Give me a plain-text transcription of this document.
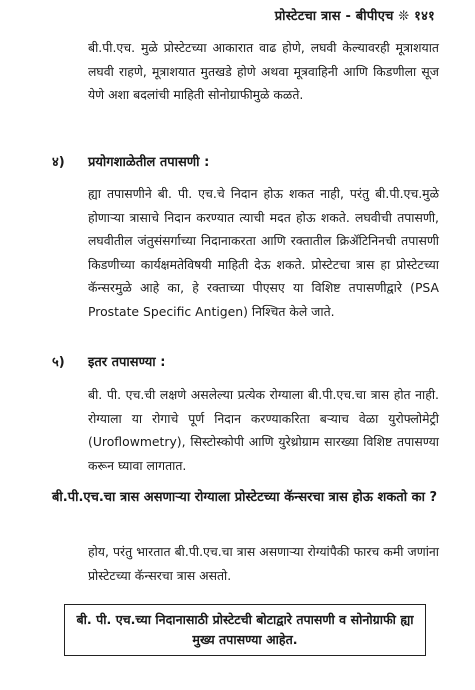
प्रोस्टेटचा त्रास - बीपीएच ❊ १४१
बी.पी.एच. मुळे प्रोस्टेटच्या आकारात वाढ होणे, लघवी केल्यावरही मूत्राशयात लघवी राहणे, मूत्राशयात मुतखडे होणे अथवा मूत्रवाहिनी आणि किडणीला सूज येणे अशा बदलांची माहिती सोनोग्राफीमुळे कळते.
४) प्रयोगशाळेतील तपासणी :
ह्या तपासणीने बी. पी. एच.चे निदान होऊ शकत नाही, परंतु बी.पी.एच.मुळे होणाऱ्या त्रासाचे निदान करण्यात त्याची मदत होऊ शकते. लघवीची तपासणी, लघवीतील जंतुसंसर्गाच्या निदानाकरता आणि रक्तातील क्रिॲटिनिनची तपासणी किडणीच्या कार्यक्षमतेविषयी माहिती देऊ शकते. प्रोस्टेटचा त्रास हा प्रोस्टेटच्या कॅन्सरमुळे आहे का, हे रक्ताच्या पीएसए या विशिष्ट तपासणीद्वारे (PSA Prostate Specific Antigen) निश्चित केले जाते.
५) इतर तपासण्या :
बी. पी. एच.ची लक्षणे असलेल्या प्रत्येक रोग्याला बी.पी.एच.चा त्रास होत नाही. रोग्याला या रोगाचे पूर्ण निदान करण्याकरिता बऱ्याच वेळा युरोफ्लोमेट्री (Uroflowmetry), सिस्टोस्कोपी आणि युरेथ्रोग्राम सारख्या विशिष्ट तपासण्या करून घ्यावा लागतात.
बी.पी.एच.चा त्रास असणाऱ्या रोग्याला प्रोस्टेटच्या कॅन्सरचा त्रास होऊ शकतो का ?
होय, परंतु भारतात बी.पी.एच.चा त्रास असणाऱ्या रोग्यांपैकी फारच कमी जणांना प्रोस्टेटच्या कॅन्सरचा त्रास असतो.
बी. पी. एच.च्या निदानासाठी प्रोस्टेटची बोटाद्वारे तपासणी व सोनोग्राफी ह्या मुख्य तपासण्या आहेत.
